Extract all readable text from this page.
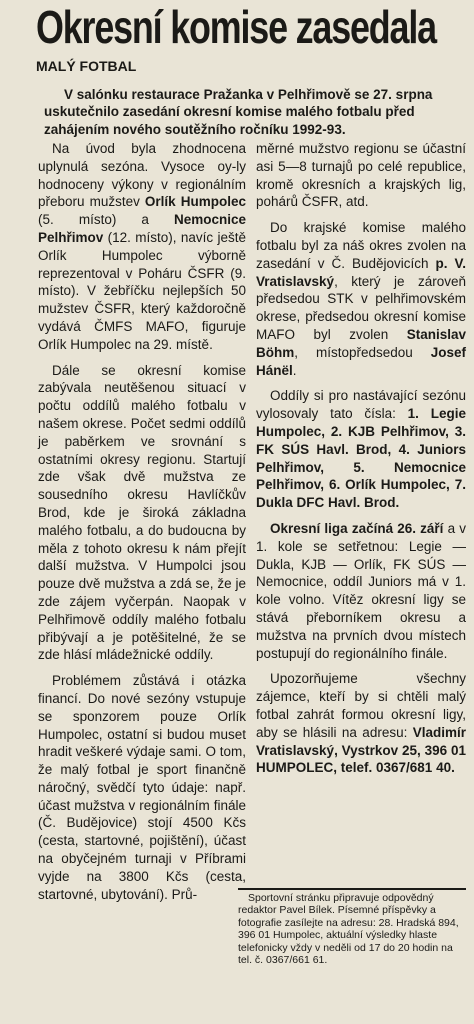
Okresní komise zasedala
MALÝ FOTBAL

V salónku restaurace Pražanka v Pelhřimově se 27. srpna uskutečnilo zasedání okresní komise malého fotbalu před zahájením nového soutěžního ročníku 1992-93.

Na úvod byla zhodnocena uplynulá sezóna. Vysoce oy-ly hodnoceny výkony v regionálním přeboru mužstev Orlík Humpolec (5. místo) a Nemocnice Pelhřimov (12. místo), navíc ještě Orlík Humpolec výborně reprezentoval v Poháru ČSFR (9. místo). V žebříčku nejlepších 50 mužstev ČSFR, který každoročně vydává ČMFS MAFO, figuruje Orlík Humpolec na 29. místě.

Dále se okresní komise zabývala neutěšenou situací v počtu oddílů malého fotbalu v našem okrese. Počet sedmi oddílů je paběrkem ve srovnání s ostatními okresy regionu. Startují zde však dvě mužstva ze sousedního okresu Havlíčkův Brod, kde je široká základna malého fotbalu, a do budoucna by měla z tohoto okresu k nám přejít další mužstva. V Humpolci jsou pouze dvě mužstva a zdá se, že je zde zájem vyčerpán. Naopak v Pelhřimově oddíly malého fotbalu přibývají a je potěšitelné, že se zde hlásí mládežnické oddíly.

Problémem zůstává i otázka financí. Do nové sezóny vstupuje se sponzorem pouze Orlík Humpolec, ostatní si budou muset hradit veškeré výdaje sami. O tom, že malý fotbal je sport finančně náročný, svědčí tyto údaje: např. účast mužstva v regionálním finále (Č. Budějovice) stojí 4500 Kčs (cesta, startovné, pojištění), účast na obyčejném turnaji v Příbrami vyjde na 3800 Kčs (cesta, startovné, ubytování). Prů-

měrné mužstvo regionu se účastní asi 5—8 turnajů po celé republice, kromě okresních a krajských lig, pohárů ČSFR, atd.

Do krajské komise malého fotbalu byl za náš okres zvolen na zasedání v Č. Budějovicích p. V. Vratislavský, který je zároveň předsedou STK v pelhřimovském okrese, předsedou okresní komise MAFO byl zvolen Stanislav Böhm, místopředsedou Josef Hánël.

Oddíly si pro nastávající sezónu vylosovaly tato čísla: 1. Legie Humpolec, 2. KJB Pelhřimov, 3. FK SÚS Havl. Brod, 4. Juniors Pelhřimov, 5. Nemocnice Pelhřimov, 6. Orlík Humpolec, 7. Dukla DFC Havl. Brod.

Okresní liga začíná 26. září a v 1. kole se setřetnou: Legie — Dukla, KJB — Orlík, FK SÚS — Nemocnice, oddíl Juniors má v 1. kole volno. Vítěz okresní ligy se stává přeborníkem okresu a mužstva na prvních dvou místech postupují do regionálního finále.

Upozorňujeme všechny zájemce, kteří by si chtěli malý fotbal zahrát formou okresní ligy, aby se hlásili na adresu: Vladimír Vratislavský, Vystrkov 25, 396 01 HUMPOLEC, telef. 0367/681 40.

Sportovní stránku připravuje odpovědný redaktor Pavel Bílek. Písemné příspěvky a fotografie zasílejte na adresu: 28. Hradská 894, 396 01 Humpolec, aktuální výsledky hlaste telefonicky vždy v neděli od 17 do 20 hodin na tel. č. 0367/661 61.
